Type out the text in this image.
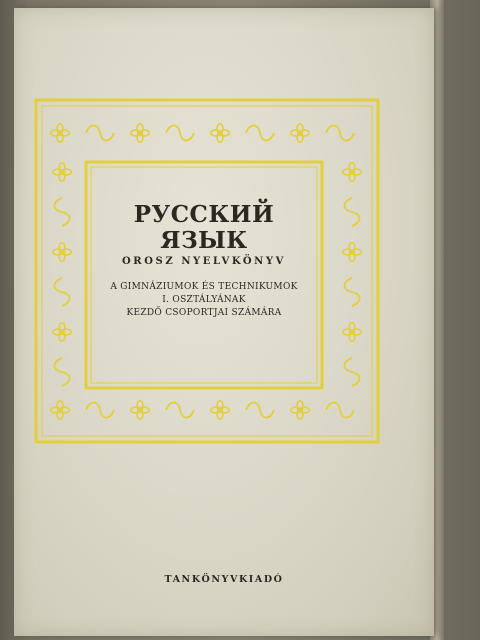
РУССКИЙ ЯЗЫК
OROSZ NYELVKÖNYV
A GIMNÁZIUMOK ÉS TECHNIKUMOK
I. OSZTÁLYÁNAK
KEZDŐ CSOPORTJAI SZÁMÁRA
TANKÖNYVKIADÓ
